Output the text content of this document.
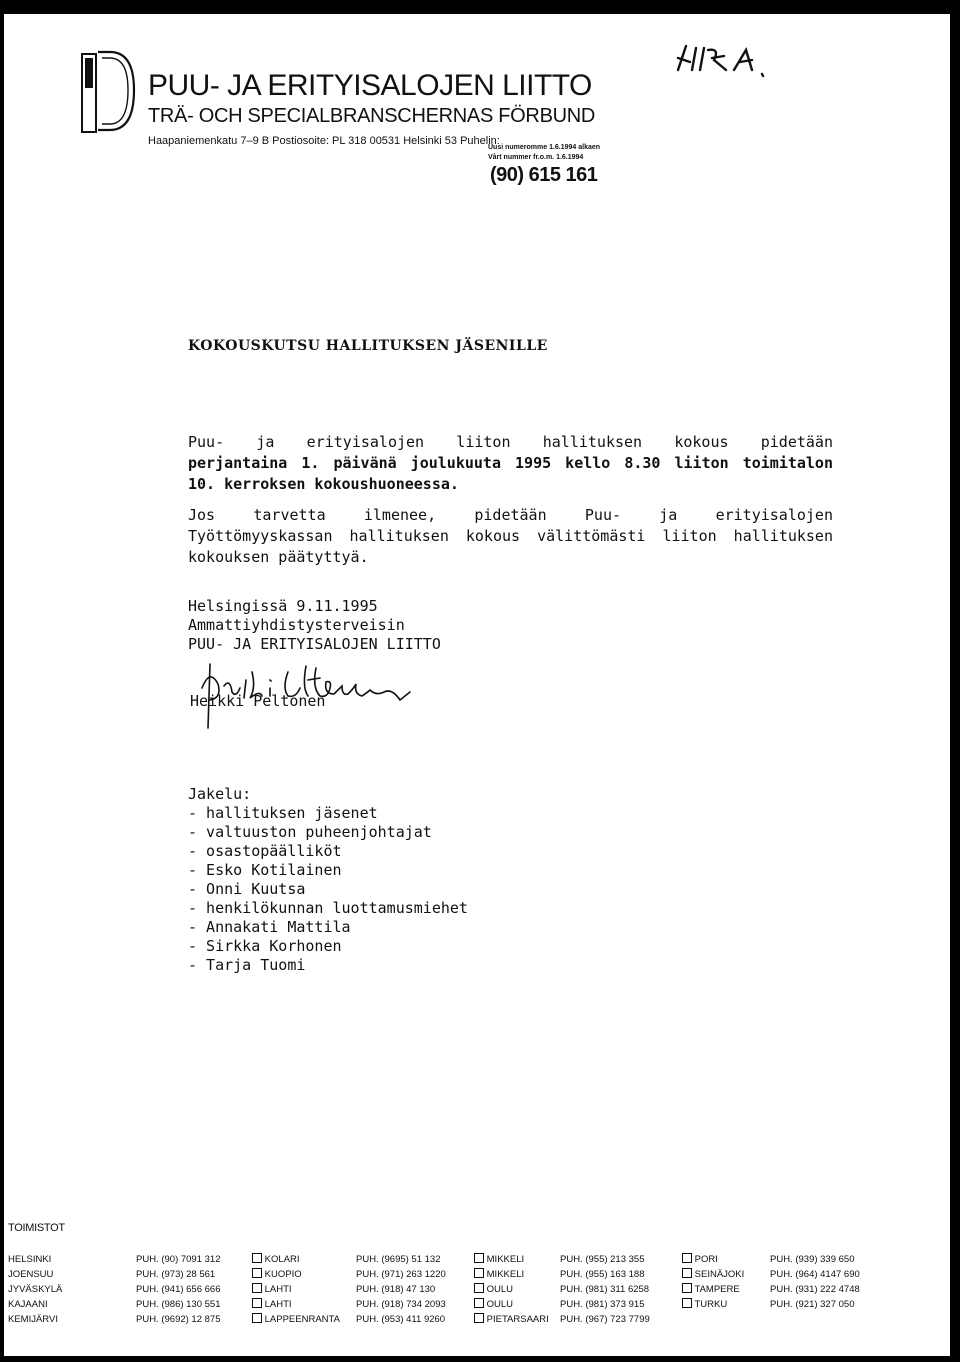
PUU- JA ERITYISALOJEN LIITTO
TRÄ- OCH SPECIALBRANSCHERNAS FÖRBUND
Haapaniemenkatu 7–9 B Postiosoite: PL 318 00531 Helsinki 53 Puhelin:
Uusi numeromme 1.6.1994 alkaen
Vårt nummer fr.o.m. 1.6.1994
(90) 615 161
KOKOUSKUTSU HALLITUKSEN JÄSENILLE
Puu- ja erityisalojen liiton hallituksen kokous pidetään
perjantaina 1. päivänä joulukuuta 1995 kello 8.30 liiton toimitalon
10. kerroksen kokoushuoneessa.
Jos tarvetta ilmenee, pidetään Puu- ja erityisalojen
Työttömyyskassan hallituksen kokous välittömästi liiton hallituksen
kokouksen päätyttyä.
Helsingissä 9.11.1995
Ammattiyhdistysterveisin
PUU- JA ERITYISALOJEN LIITTO
Heikki Peltonen
Jakelu:
- hallituksen jäsenet
- valtuuston puheenjohtajat
- osastopäälliköt
- Esko Kotilainen
- Onni Kuutsa
- henkilökunnan luottamusmiehet
- Annakati Mattila
- Sirkka Korhonen
- Tarja Tuomi
TOIMISTOT
HELSINKI
JOENSUU
JYVÄSKYLÄ
KAJAANI
KEMIJÄRVI
PUH. (90) 7091 312
PUH. (973) 28 561
PUH. (941) 656 666
PUH. (986) 130 551
PUH. (9692) 12 875
KOLARI
KUOPIO
LAHTI
LAHTI
LAPPEENRANTA
PUH. (9695) 51 132
PUH. (971) 263 1220
PUH. (918) 47 130
PUH. (918) 734 2093
PUH. (953) 411 9260
MIKKELI
MIKKELI
OULU
OULU
PIETARSAARI
PUH. (955) 213 355
PUH. (955) 163 188
PUH. (981) 311 6258
PUH. (981) 373 915
PUH. (967) 723 7799
PORI
SEINÄJOKI
TAMPERE
TURKU
PUH. (939) 339 650
PUH. (964) 4147 690
PUH. (931) 222 4748
PUH. (921) 327 050
